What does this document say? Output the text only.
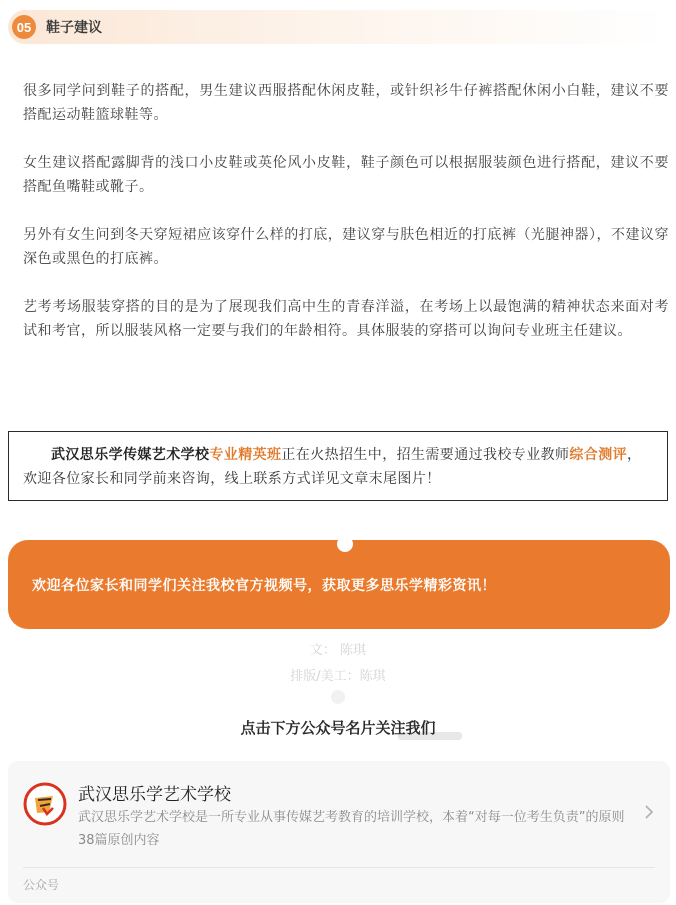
05	鞋子建议

很多同学问到鞋子的搭配，男生建议西服搭配休闲皮鞋，或针织衫牛仔裤搭配休闲小白鞋，建议不要搭配运动鞋篮球鞋等。

女生建议搭配露脚背的浅口小皮鞋或英伦风小皮鞋，鞋子颜色可以根据服装颜色进行搭配，建议不要搭配鱼嘴鞋或靴子。

另外有女生问到冬天穿短裙应该穿什么样的打底，建议穿与肤色相近的打底裤（光腿神器），不建议穿深色或黑色的打底裤。

艺考考场服装穿搭的目的是为了展现我们高中生的青春洋溢，在考场上以最饱满的精神状态来面对考试和考官，所以服装风格一定要与我们的年龄相符。具体服装的穿搭可以询问专业班主任建议。

武汉思乐学传媒艺术学校专业精英班正在火热招生中，招生需要通过我校专业教师综合测评，欢迎各位家长和同学前来咨询，线上联系方式详见文章末尾图片！
欢迎各位家长和同学们关注我校官方视频号，获取更多思乐学精彩资讯！
文： 陈琪
排版/美工：陈琪
点击下方公众号名片关注我们
武汉思乐学艺术学校
武汉思乐学艺术学校是一所专业从事传媒艺考教育的培训学校，本着“对每一位考生负责”的原则
38篇原创内容
公众号
